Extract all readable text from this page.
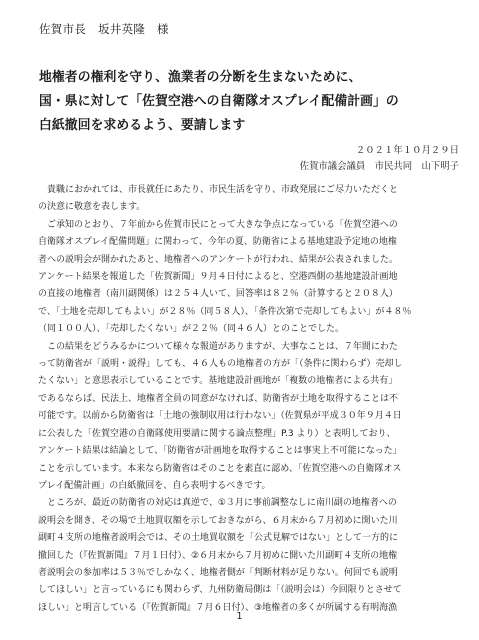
佐賀市長　坂井英隆　様
地権者の権利を守り、漁業者の分断を生まないために、
国・県に対して「佐賀空港への自衛隊オスプレイ配備計画」の
白紙撤回を求めるよう、要請します
２０２１年１０月２９日
佐賀市議会議員　市民共同　山下明子

　貴職におかれては、市長就任にあたり、市民生活を守り、市政発展にご尽力いただくと
の決意に敬意を表します。

　ご承知のとおり、７年前から佐賀市民にとって大きな争点になっている「佐賀空港への
自衛隊オスプレイ配備問題」に関わって、今年の夏、防衛省による基地建設予定地の地権
者への説明会が開かれたあと、地権者へのアンケートが行われ、結果が公表されました。
アンケート結果を報道した「佐賀新聞」９月４日付によると、空港西側の基地建設計画地
の直接の地権者（南川副関係）は２５４人いて、回答率は８２％（計算すると２０８人）
で、「土地を売却してもよい」が２８％（同５８人）、「条件次第で売却してもよい」が４８％
（同１００人）、「売却したくない」が２２％（同４６人）とのことでした。

　この結果をどうみるかについて様々な報道がありますが、大事なことは、７年間にわた
って防衛省が「説明・説得」しても、４６人もの地権者の方が「（条件に関わらず）売却し
たくない」と意思表示していることです。基地建設計画地が「複数の地権者による共有」
であるならば、民法上、地権者全員の同意がなければ、防衛省が土地を取得することは不
可能です。以前から防衛省は「土地の強制収用は行わない」（佐賀県が平成３０年９月４日
に公表した「佐賀空港の自衛隊使用要請に関する論点整理」P.3 より）と表明しており、
アンケート結果は結論として、「防衛省が計画地を取得することは事実上不可能になった」
ことを示しています。本来なら防衛省はそのことを素直に認め、「佐賀空港への自衛隊オス
プレイ配備計画」の白紙撤回を、自ら表明するべきです。

　ところが、最近の防衛省の対応は真逆で、①３月に事前調整なしに南川副の地権者への
説明会を開き、その場で土地買収額を示しておきながら、６月末から７月初めに開いた川
副町４支所の地権者説明会では、その土地買収額を「公式見解ではない」として一方的に
撤回した（『佐賀新聞』７月１日付）、②６月末から７月初めに開いた川副町４支所の地権
者説明会の参加率は５３％でしかなく、地権者側が「判断材料が足りない。何回でも説明
してほしい」と言っているにも関わらず、九州防衛局側は「（説明会は）今回限りとさせて
ほしい」と明言している（『佐賀新聞』７月６日付）、③地権者の多くが所属する有明海漁

1
